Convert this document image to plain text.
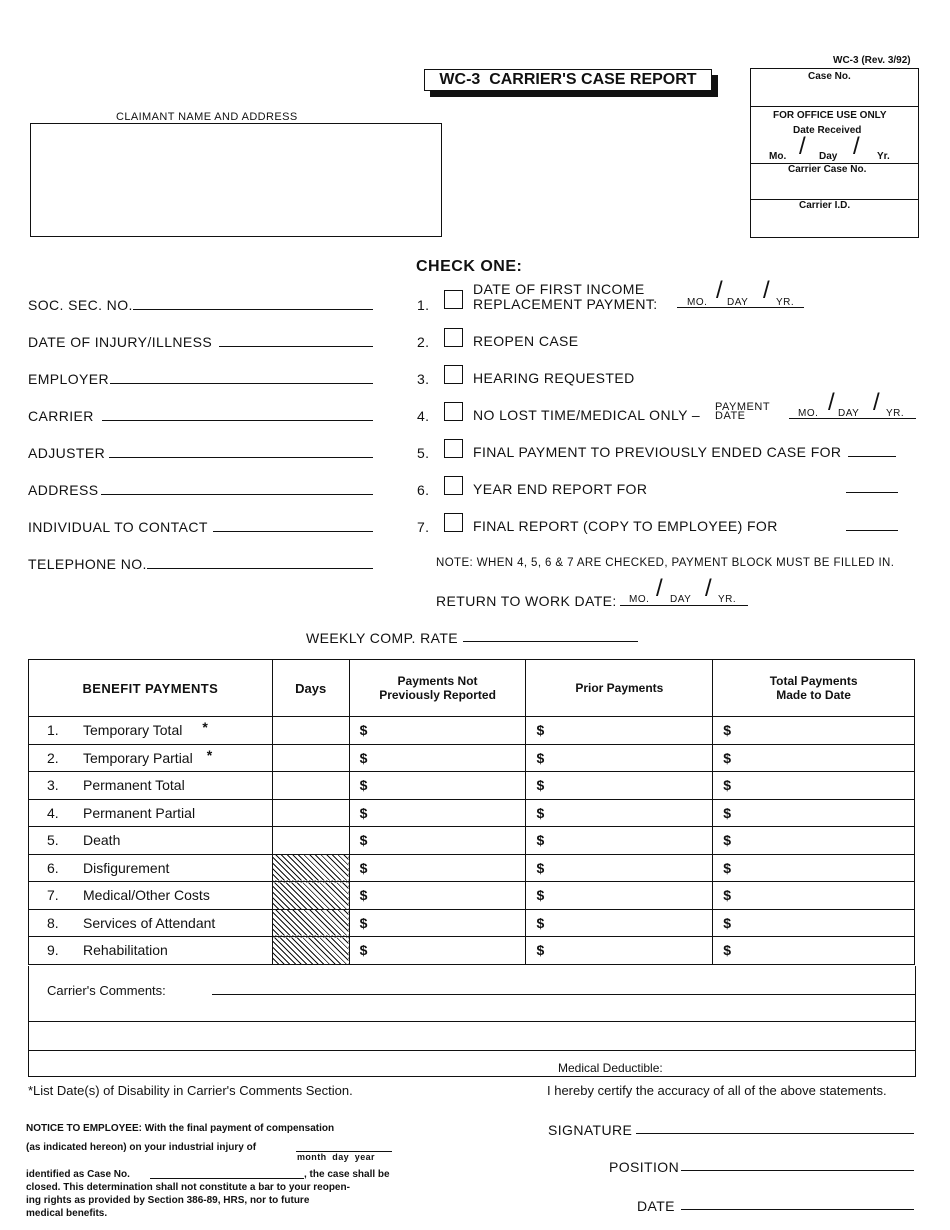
WC-3 (Rev. 3/92)
WC-3  CARRIER'S CASE REPORT
CLAIMANT NAME AND ADDRESS
Case No.
FOR OFFICE USE ONLY
Date Received
Mo. / Day / Yr.
Carrier Case No.
Carrier I.D.
SOC. SEC. NO.
DATE OF INJURY/ILLNESS
EMPLOYER
CARRIER
ADJUSTER
ADDRESS
INDIVIDUAL TO CONTACT
TELEPHONE NO.
CHECK ONE:
1.
DATE OF FIRST INCOME
REPLACEMENT PAYMENT:	MO. / DAY / YR.
2.	REOPEN CASE
3.	HEARING REQUESTED
4.	NO LOST TIME/MEDICAL ONLY – PAYMENT
DATE	MO. / DAY / YR.
5.	FINAL PAYMENT TO PREVIOUSLY ENDED CASE FOR
6.	YEAR END REPORT FOR
7.	FINAL REPORT (COPY TO EMPLOYEE) FOR
NOTE: WHEN 4, 5, 6 & 7 ARE CHECKED, PAYMENT BLOCK MUST BE FILLED IN.
RETURN TO WORK DATE: MO. / DAY / YR.
WEEKLY COMP. RATE
BENEFIT PAYMENTS	Days	Payments Not
Previously Reported	Prior Payments	Total Payments
Made to Date
1. Temporary Total *		$	$	$
2. Temporary Partial *		$	$	$
3. Permanent Total		$	$	$
4. Permanent Partial		$	$	$
5. Death		$	$	$
6. Disfigurement		$	$	$
7. Medical/Other Costs		$	$	$
8. Services of Attendant		$	$	$
9. Rehabilitation		$	$	$
Carrier's Comments:
Medical Deductible:
*List Date(s) of Disability in Carrier's Comments Section.	I hereby certify the accuracy of all of the above statements.
NOTICE TO EMPLOYEE: With the final payment of compensation
(as indicated hereon) on your industrial injury of
month  day  year
identified as Case No.	, the case shall be
closed. This determination shall not constitute a bar to your reopen-
ing rights as provided by Section 386-89, HRS, nor to future
medical benefits.
SIGNATURE
POSITION
DATE
